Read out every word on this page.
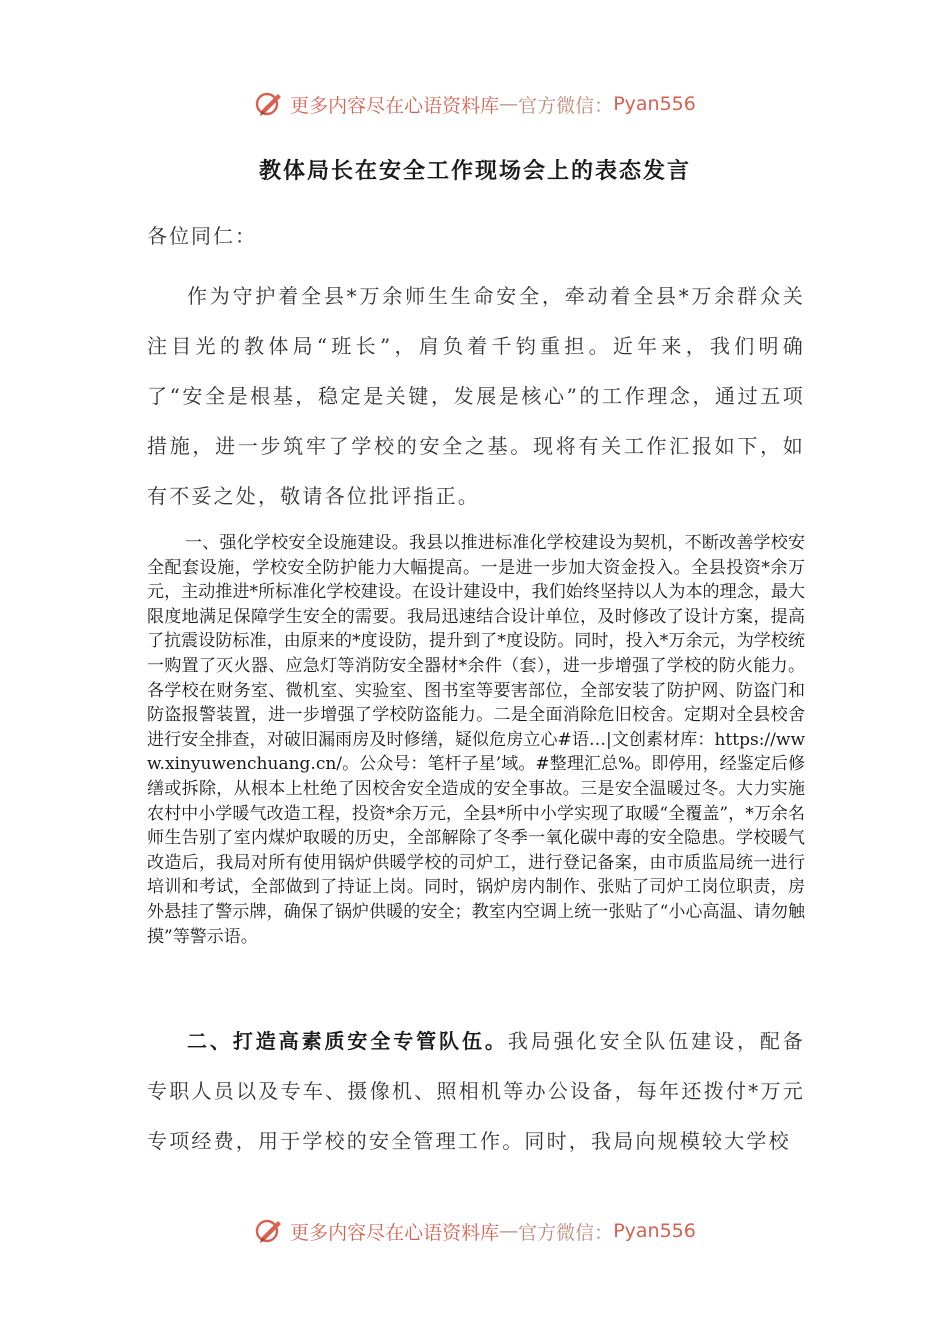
更多内容尽在心语资料库 — 官方微信： Pyan556
教体局长在安全工作现场会上的表态发言
各位同仁：

作为守护着全县*万余师生生命安全，牵动着全县*万余群众关注目光的教体局“班长”，肩负着千钧重担。近年来，我们明确了“安全是根基，稳定是关键，发展是核心”的工作理念，通过五项措施，进一步筑牢了学校的安全之基。现将有关工作汇报如下，如有不妥之处，敬请各位批评指正。

一、强化学校安全设施建设。我县以推进标准化学校建设为契机，不断改善学校安全配套设施，学校安全防护能力大幅提高。一是进一步加大资金投入。全县投资*余万元，主动推进*所标准化学校建设。在设计建设中，我们始终坚持以人为本的理念，最大限度地满足保障学生安全的需要。我局迅速结合设计单位，及时修改了设计方案，提高了抗震设防标准，由原来的*度设防，提升到了*度设防。同时，投入*万余元，为学校统一购置了灭火器、应急灯等消防安全器材*余件（套），进一步增强了学校的防火能力。各学校在财务室、微机室、实验室、图书室等要害部位，全部安装了防护网、防盗门和防盗报警装置，进一步增强了学校防盗能力。二是全面消除危旧校舍。定期对全县校舍进行安全排查，对破旧漏雨房及时修缮，疑似危房立心#语…|文创素材库：https://www.xinyuwenchuang.cn/。公众号：笔杆子星’域。#整理汇总%。即停用，经鉴定后修缮或拆除，从根本上杜绝了因校舍安全造成的安全事故。三是安全温暖过冬。大力实施农村中小学暖气改造工程，投资*余万元，全县*所中小学实现了取暖“全覆盖”，*万余名师生告别了室内煤炉取暖的历史，全部解除了冬季一氧化碳中毒的安全隐患。学校暖气改造后，我局对所有使用锅炉供暖学校的司炉工，进行登记备案，由市质监局统一进行培训和考试，全部做到了持证上岗。同时，锅炉房内制作、张贴了司炉工岗位职责，房外悬挂了警示牌，确保了锅炉供暖的安全；教室内空调上统一张贴了“小心高温、请勿触摸”等警示语。

二、打造高素质安全专管队伍。我局强化安全队伍建设，配备专职人员以及专车、摄像机、照相机等办公设备，每年还拨付*万元专项经费，用于学校的安全管理工作。同时，我局向规模较大学校

更多内容尽在心语资料库 — 官方微信： Pyan556
